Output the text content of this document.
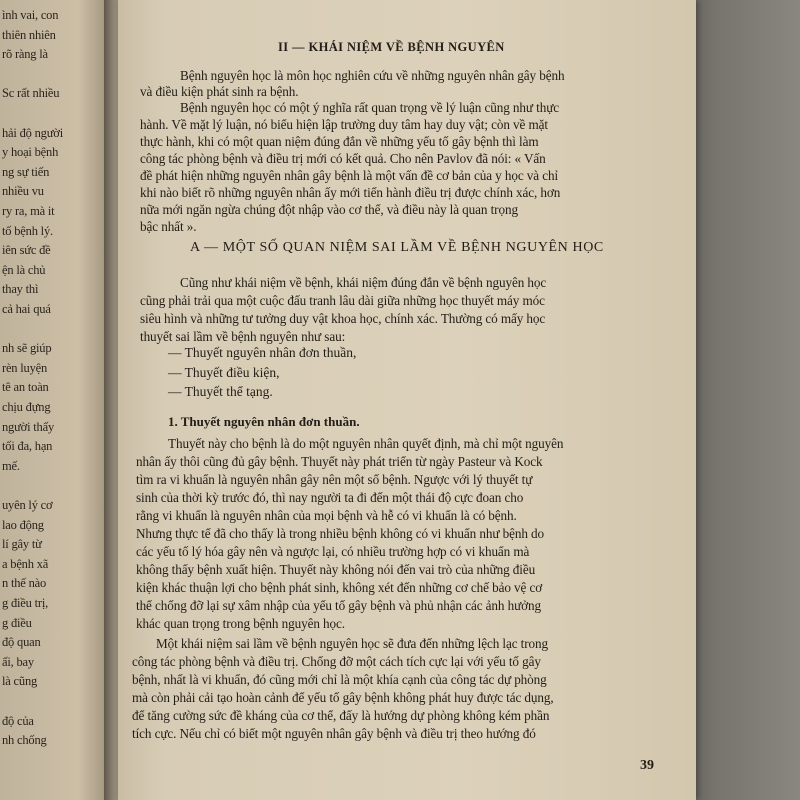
ình vai, con
thiên nhiên
rõ ràng là
Sc rất nhiều
hải độ người
y hoại bệnh
ng sự tiến
nhiều vu
ry ra, mà it
tố bệnh lý.
iên sức đề
ện là chủ
thay thì
cả hai quá
nh sẽ giúp
rèn luyện
tê an toàn
chịu đựng
người thấy
tối đa, hạn
mế.
uyên lý cơ
lao động
lí gây từ
a bệnh xã
n thế nào
g điều trị,
g điều
độ quan
ấi, bay
là cũng
độ của
nh chống
II — KHÁI NIỆM VỀ BỆNH NGUYÊN
Bệnh nguyên học là môn học nghiên cứu về những nguyên nhân gây bệnh
và điều kiện phát sinh ra bệnh.
Bệnh nguyên học có một ý nghĩa rất quan trọng về lý luận cũng như thực
hành. Về mặt lý luận, nó biểu hiện lập trường duy tâm hay duy vật; còn về mặt
thực hành, khi có một quan niệm đúng đắn về những yếu tố gây bệnh thì làm
công tác phòng bệnh và điều trị mới có kết quả. Cho nên Pavlov đã nói: « Vấn
đề phát hiện những nguyên nhân gây bệnh là một vấn đề cơ bản của y học và chỉ
khi nào biết rõ những nguyên nhân ấy mới tiến hành điều trị được chính xác, hơn
nữa mới ngăn ngừa chúng đột nhập vào cơ thể, và điều này là quan trọng
bậc nhất ».
A — MỘT SỐ QUAN NIỆM SAI LẦM VỀ BỆNH NGUYÊN HỌC
Cũng như khái niệm về bệnh, khái niệm đúng đắn về bệnh nguyên học
cũng phải trải qua một cuộc đấu tranh lâu dài giữa những học thuyết máy móc
siêu hình và những tư tưởng duy vật khoa học, chính xác. Thường có mấy học
thuyết sai lầm về bệnh nguyên như sau:
— Thuyết nguyên nhân đơn thuần,
— Thuyết điều kiện,
— Thuyết thể tạng.
1. Thuyết nguyên nhân đơn thuần.
Thuyết này cho bệnh là do một nguyên nhân quyết định, mà chỉ một nguyên
nhân ấy thôi cũng đủ gây bệnh. Thuyết này phát triển từ ngày Pasteur và Kock
tìm ra vi khuẩn là nguyên nhân gây nên một số bệnh. Ngược với lý thuyết tự
sinh của thời kỳ trước đó, thì nay người ta đi đến một thái độ cực đoan cho
rằng vi khuẩn là nguyên nhân của mọi bệnh và hễ có vi khuẩn là có bệnh.
Nhưng thực tế đã cho thấy là trong nhiều bệnh không có vi khuẩn như bệnh do
các yếu tố lý hóa gây nên và ngược lại, có nhiều trường hợp có vi khuẩn mà
không thấy bệnh xuất hiện. Thuyết này không nói đến vai trò của những điều
kiện khác thuận lợi cho bệnh phát sinh, không xét đến những cơ chế bảo vệ cơ
thể chống đỡ lại sự xâm nhập của yếu tố gây bệnh và phủ nhận các ảnh hưởng
khác quan trọng trong bệnh nguyên học.
Một khái niệm sai lầm về bệnh nguyên học sẽ đưa đến những lệch lạc trong
công tác phòng bệnh và điều trị. Chống đỡ một cách tích cực lại với yếu tố gây
bệnh, nhất là vi khuẩn, đó cũng mới chỉ là một khía cạnh của công tác dự phòng
mà còn phải cải tạo hoàn cảnh để yếu tố gây bệnh không phát huy được tác dụng,
để tăng cường sức đề kháng của cơ thể, đấy là hướng dự phòng không kém phần
tích cực. Nếu chỉ có biết một nguyên nhân gây bệnh và điều trị theo hướng đó
39
